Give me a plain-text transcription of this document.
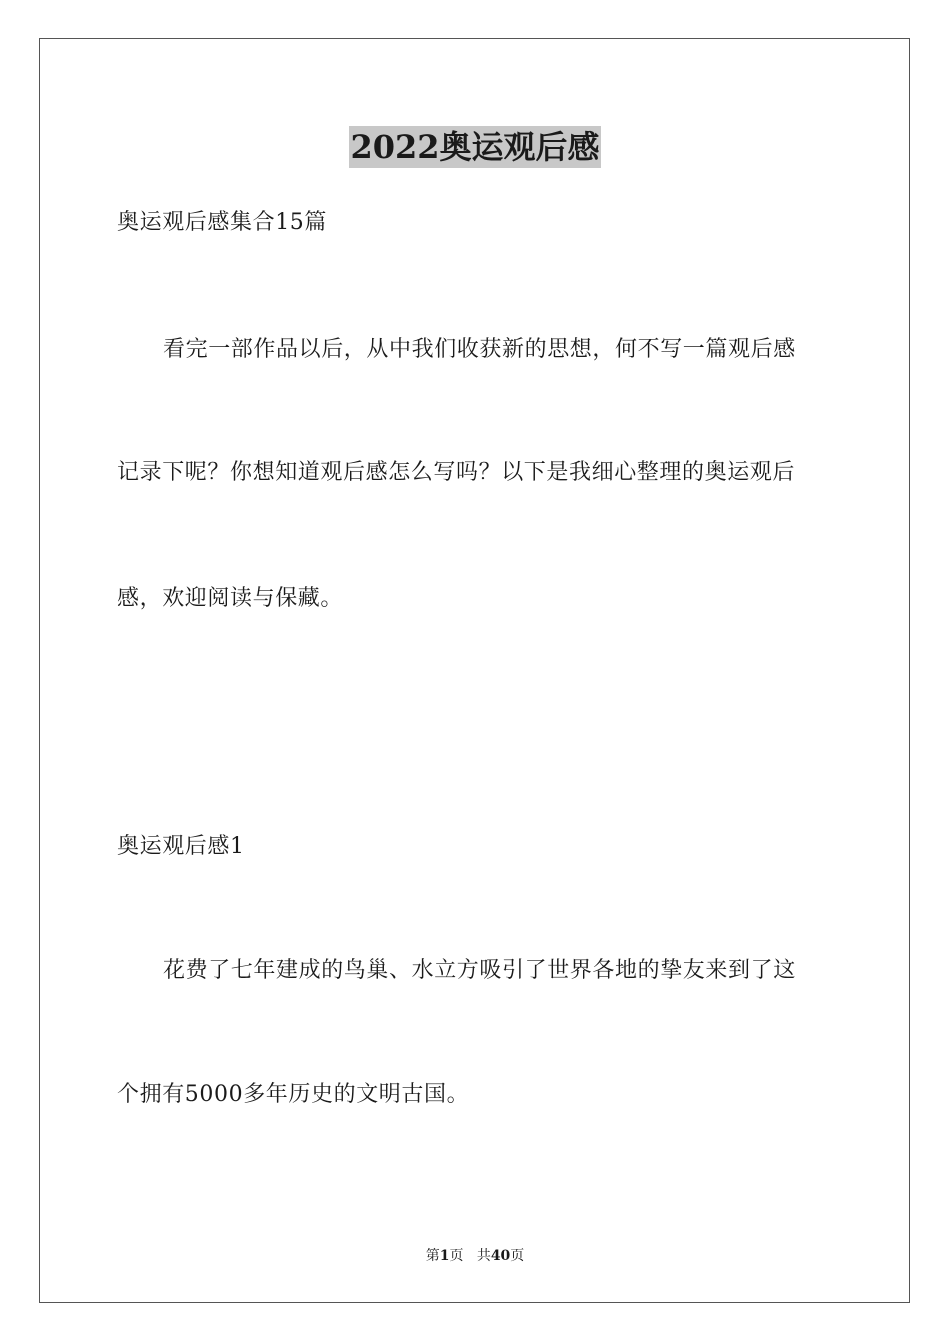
2022奥运观后感
奥运观后感集合15篇
看完一部作品以后，从中我们收获新的思想，何不写一篇观后感
记录下呢？你想知道观后感怎么写吗？以下是我细心整理的奥运观后
感，欢迎阅读与保藏。
奥运观后感1
花费了七年建成的鸟巢、水立方吸引了世界各地的挚友来到了这
个拥有5000多年历史的文明古国。
第1页 共40页
